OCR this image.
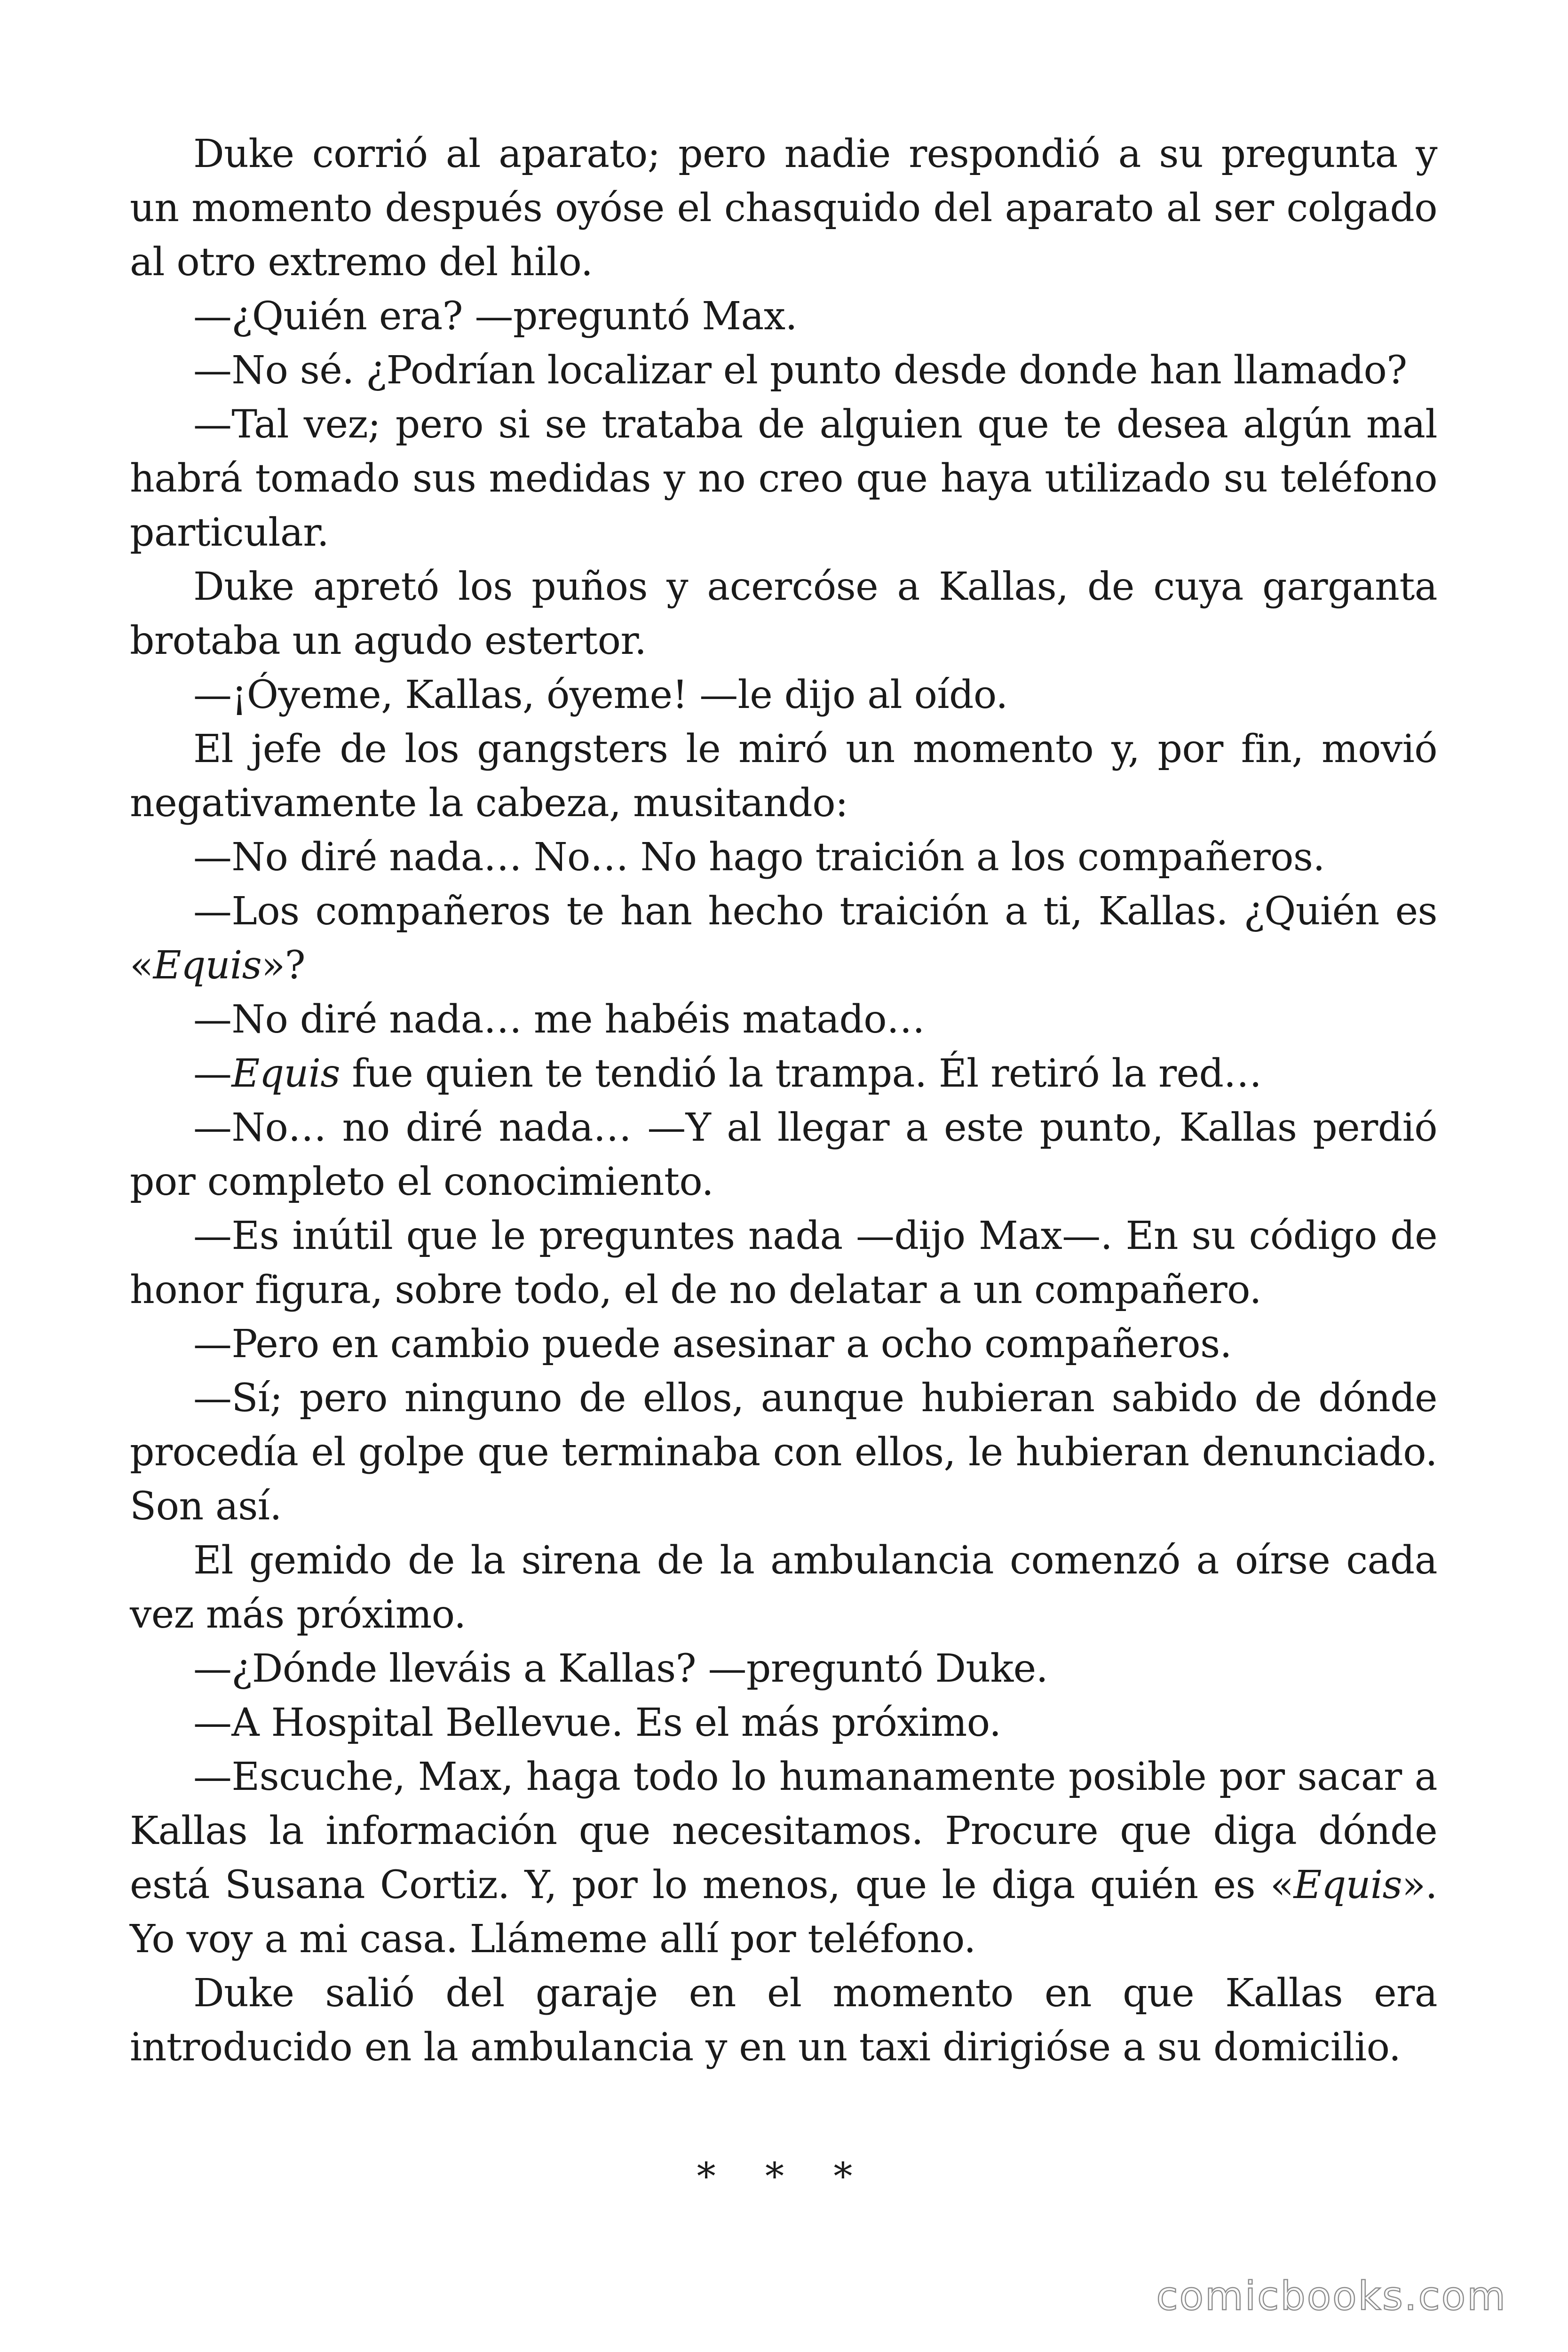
Duke corrió al aparato; pero nadie respondió a su pregunta y un momento después oyóse el chasquido del aparato al ser colgado al otro extremo del hilo.

—¿Quién era? —preguntó Max.

—No sé. ¿Podrían localizar el punto desde donde han llamado?

—Tal vez; pero si se trataba de alguien que te desea algún mal habrá tomado sus medidas y no creo que haya utilizado su teléfono particular.

Duke apretó los puños y acercóse a Kallas, de cuya garganta brotaba un agudo estertor.

—¡Óyeme, Kallas, óyeme! —le dijo al oído.

El jefe de los gangsters le miró un momento y, por fin, movió negativamente la cabeza, musitando:

—No diré nada… No… No hago traición a los compañeros.

—Los compañeros te han hecho traición a ti, Kallas. ¿Quién es «Equis»?

—No diré nada… me habéis matado…

—Equis fue quien te tendió la trampa. Él retiró la red…

—No… no diré nada… —Y al llegar a este punto, Kallas perdió por completo el conocimiento.

—Es inútil que le preguntes nada —dijo Max—. En su código de honor figura, sobre todo, el de no delatar a un compañero.

—Pero en cambio puede asesinar a ocho compañeros.

—Sí; pero ninguno de ellos, aunque hubieran sabido de dónde procedía el golpe que terminaba con ellos, le hubieran denunciado. Son así.

El gemido de la sirena de la ambulancia comenzó a oírse cada vez más próximo.

—¿Dónde lleváis a Kallas? —preguntó Duke.

—A Hospital Bellevue. Es el más próximo.

—Escuche, Max, haga todo lo humanamente posible por sacar a Kallas la información que necesitamos. Procure que diga dónde está Susana Cortiz. Y, por lo menos, que le diga quién es «Equis». Yo voy a mi casa. Llámeme allí por teléfono.

Duke salió del garaje en el momento en que Kallas era introducido en la ambulancia y en un taxi dirigióse a su domicilio.

* * *
comicbooks.com
